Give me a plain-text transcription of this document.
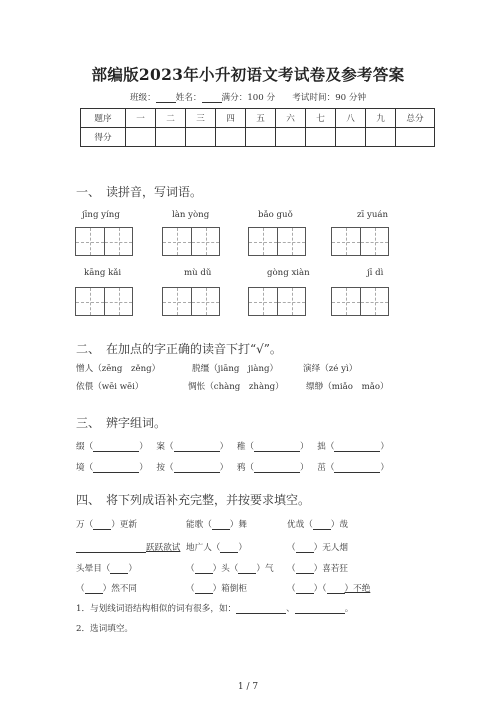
部编版2023年小升初语文考试卷及参考答案
班级： 姓名： 满分：100 分   考试时间：90 分钟
题序	一	二	三	四	五	六	七	八	九	总分
得分										
一、　读拼音，写词语。
jīng yíng	làn yòng	bǎo guǒ	zī yuán
kāng kǎi	mù dǔ	gòng xiàn	jī dì
二、　在加点的字正确的读音下打“√”。
憎人（zēng　zěng）	脱缰（jiāng　jiàng）	演绎（zé yì）
依偎（wēi wēi）	惆怅（chàng　zhàng）	缥缈（miǎo　mǎo）
三、　辨字组词。
缀（	）  案（	）  稚（	）  拙（	）
境（	）  按（	）  鸦（	）  茁（	）
四、　将下列成语补充完整，并按要求填空。
万（ ）更新	能歌（ ）舞	优哉（ ）哉
跃跃欲试 地广人（ ）	（ ）无人烟
头晕目（ ）	（ ）头（ ）气 （ ）喜若狂
（ ）然不同	（ ）箱倒柜	（ ）（ ）不绝
1．与划线词语结构相似的词有很多，如：	、	。
2．选词填空。
1 / 7
